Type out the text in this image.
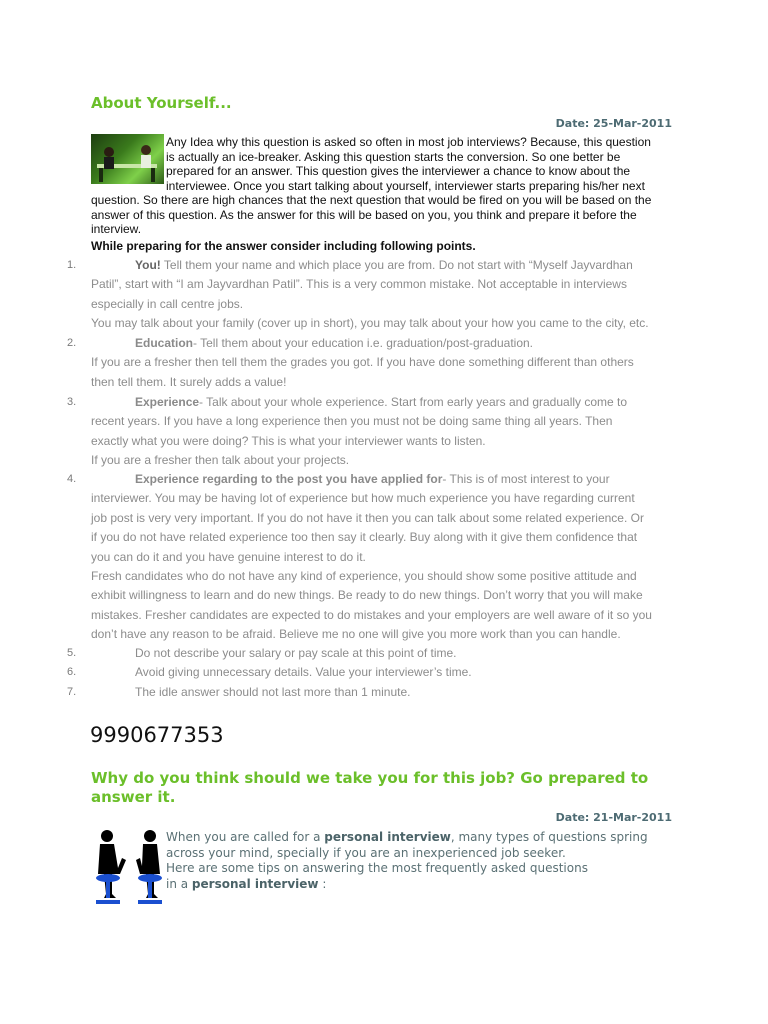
About Yourself...
Date: 25-Mar-2011
Any Idea why this question is asked so often in most job interviews? Because, this question
is actually an ice-breaker. Asking this question starts the conversion. So one better be
prepared for an answer. This question gives the interviewer a chance to know about the
interviewee. Once you start talking about yourself, interviewer starts preparing his/her next
question. So there are high chances that the next question that would be fired on you will be based on the
answer of this question. As the answer for this will be based on you, you think and prepare it before the
interview.
While preparing for the answer consider including following points.
1.	You! Tell them your name and which place you are from. Do not start with “Myself Jayvardhan
Patil”, start with “I am Jayvardhan Patil”. This is a very common mistake. Not acceptable in interviews
especially in call centre jobs.
You may talk about your family (cover up in short), you may talk about your how you came to the city, etc.
2.	Education- Tell them about your education i.e. graduation/post-graduation.
If you are a fresher then tell them the grades you got. If you have done something different than others
then tell them. It surely adds a value!
3.	Experience- Talk about your whole experience. Start from early years and gradually come to
recent years. If you have a long experience then you must not be doing same thing all years. Then
exactly what you were doing? This is what your interviewer wants to listen.
If you are a fresher then talk about your projects.
4.	Experience regarding to the post you have applied for- This is of most interest to your
interviewer. You may be having lot of experience but how much experience you have regarding current
job post is very very important. If you do not have it then you can talk about some related experience. Or
if you do not have related experience too then say it clearly. Buy along with it give them confidence that
you can do it and you have genuine interest to do it.
Fresh candidates who do not have any kind of experience, you should show some positive attitude and
exhibit willingness to learn and do new things. Be ready to do new things. Don’t worry that you will make
mistakes. Fresher candidates are expected to do mistakes and your employers are well aware of it so you
don’t have any reason to be afraid. Believe me no one will give you more work than you can handle.
5.	Do not describe your salary or pay scale at this point of time.
6.	Avoid giving unnecessary details. Value your interviewer’s time.
7.	The idle answer should not last more than 1 minute.
9990677353
Why do you think should we take you for this job? Go prepared to
answer it.
Date: 21-Mar-2011
When you are called for a personal interview, many types of questions spring
across your mind, specially if you are an inexperienced job seeker.
Here are some tips on answering the most frequently asked questions
in a personal interview :
